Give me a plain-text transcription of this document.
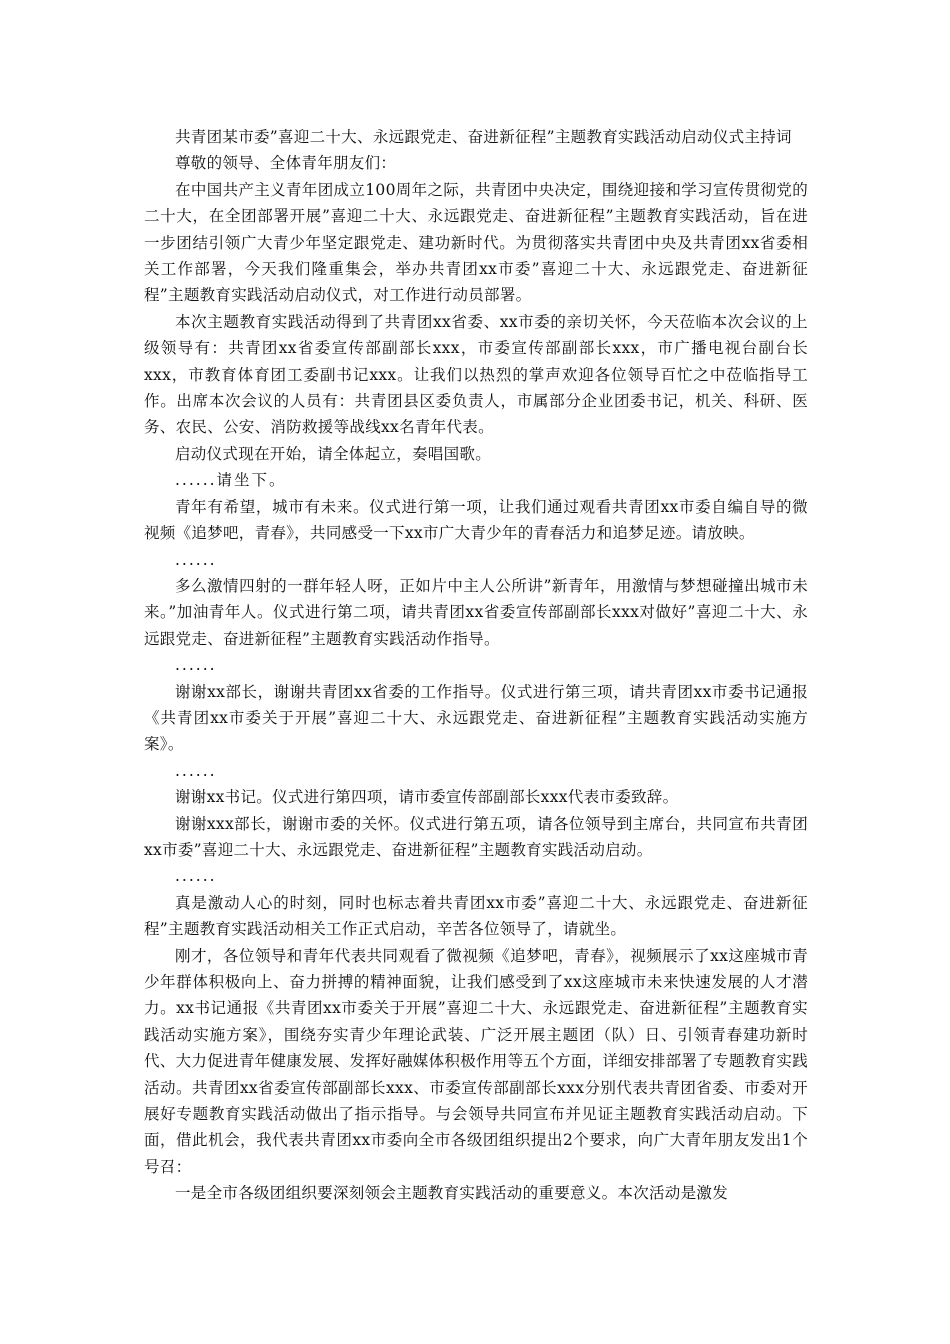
共青团某市委”喜迎二十大、永远跟党走、奋进新征程”主题教育实践活动启动仪式主持词

尊敬的领导、全体青年朋友们：

在中国共产主义青年团成立100周年之际，共青团中央决定，围绕迎接和学习宣传贯彻党的二十大，在全团部署开展”喜迎二十大、永远跟党走、奋进新征程”主题教育实践活动，旨在进一步团结引领广大青少年坚定跟党走、建功新时代。为贯彻落实共青团中央及共青团xx省委相关工作部署，今天我们隆重集会，举办共青团xx市委”喜迎二十大、永远跟党走、奋进新征程”主题教育实践活动启动仪式，对工作进行动员部署。

本次主题教育实践活动得到了共青团xx省委、xx市委的亲切关怀，今天莅临本次会议的上级领导有：共青团xx省委宣传部副部长xxx，市委宣传部副部长xxx，市广播电视台副台长xxx，市教育体育团工委副书记xxx。让我们以热烈的掌声欢迎各位领导百忙之中莅临指导工作。出席本次会议的人员有：共青团县区委负责人，市属部分企业团委书记，机关、科研、医务、农民、公安、消防救援等战线xx名青年代表。

启动仪式现在开始，请全体起立，奏唱国歌。

......请坐下。

青年有希望，城市有未来。仪式进行第一项，让我们通过观看共青团xx市委自编自导的微视频《追梦吧，青春》，共同感受一下xx市广大青少年的青春活力和追梦足迹。请放映。

......

多么激情四射的一群年轻人呀，正如片中主人公所讲”新青年，用激情与梦想碰撞出城市未来。”加油青年人。仪式进行第二项，请共青团xx省委宣传部副部长xxx对做好”喜迎二十大、永远跟党走、奋进新征程”主题教育实践活动作指导。

......

谢谢xx部长，谢谢共青团xx省委的工作指导。仪式进行第三项，请共青团xx市委书记通报《共青团xx市委关于开展”喜迎二十大、永远跟党走、奋进新征程”主题教育实践活动实施方案》。

......

谢谢xx书记。仪式进行第四项，请市委宣传部副部长xxx代表市委致辞。

谢谢xxx部长，谢谢市委的关怀。仪式进行第五项，请各位领导到主席台，共同宣布共青团xx市委”喜迎二十大、永远跟党走、奋进新征程”主题教育实践活动启动。

......

真是激动人心的时刻，同时也标志着共青团xx市委”喜迎二十大、永远跟党走、奋进新征程”主题教育实践活动相关工作正式启动，辛苦各位领导了，请就坐。

刚才，各位领导和青年代表共同观看了微视频《追梦吧，青春》，视频展示了xx这座城市青少年群体积极向上、奋力拼搏的精神面貌，让我们感受到了xx这座城市未来快速发展的人才潜力。xx书记通报《共青团xx市委关于开展”喜迎二十大、永远跟党走、奋进新征程”主题教育实践活动实施方案》，围绕夯实青少年理论武装、广泛开展主题团（队）日、引领青春建功新时代、大力促进青年健康发展、发挥好融媒体积极作用等五个方面，详细安排部署了专题教育实践活动。共青团xx省委宣传部副部长xxx、市委宣传部副部长xxx分别代表共青团省委、市委对开展好专题教育实践活动做出了指示指导。与会领导共同宣布并见证主题教育实践活动启动。下面，借此机会，我代表共青团xx市委向全市各级团组织提出2个要求，向广大青年朋友发出1个号召：

一是全市各级团组织要深刻领会主题教育实践活动的重要意义。本次活动是激发
